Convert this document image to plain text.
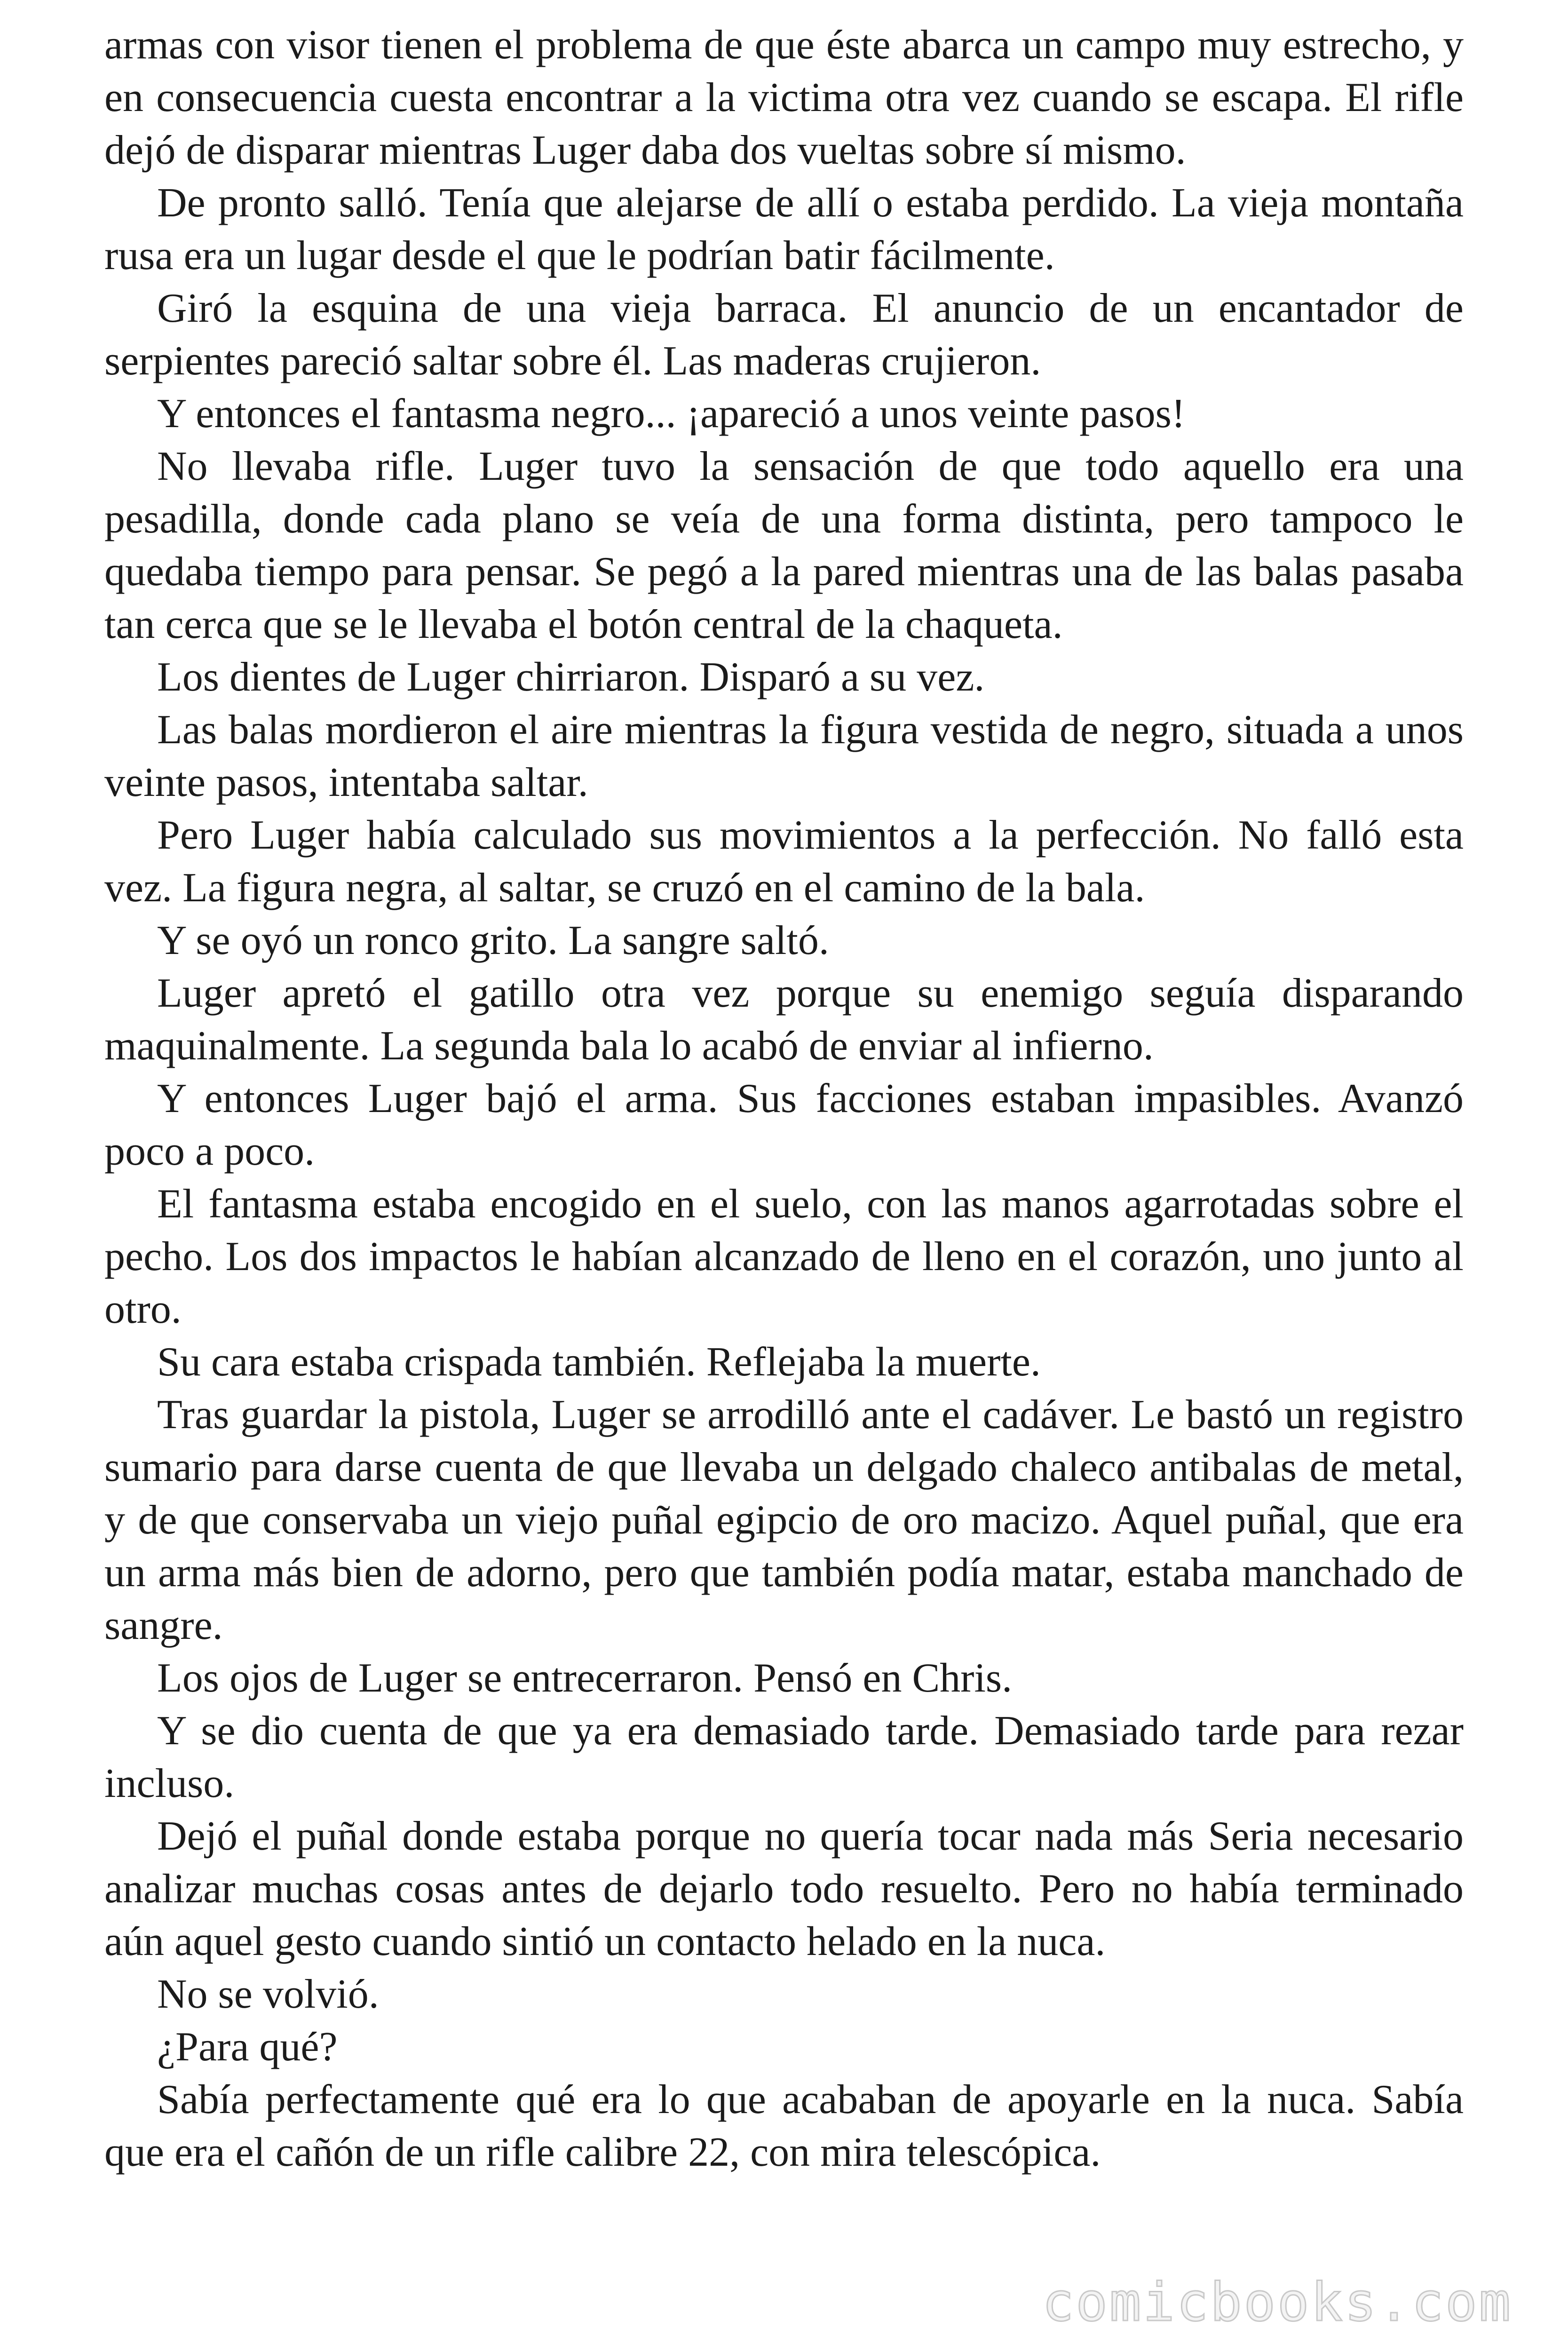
armas con visor tienen el problema de que éste abarca un campo muy estrecho, y en consecuencia cuesta encontrar a la victima otra vez cuando se escapa. El rifle dejó de disparar mientras Luger daba dos vueltas sobre sí mismo.

De pronto salló. Tenía que alejarse de allí o estaba perdido. La vieja montaña rusa era un lugar desde el que le podrían batir fácilmente.

Giró la esquina de una vieja barraca. El anuncio de un encantador de serpientes pareció saltar sobre él. Las maderas crujieron.

Y entonces el fantasma negro... ¡apareció a unos veinte pasos!

No llevaba rifle. Luger tuvo la sensación de que todo aquello era una pesadilla, donde cada plano se veía de una forma distinta, pero tampoco le quedaba tiempo para pensar. Se pegó a la pared mientras una de las balas pasaba tan cerca que se le llevaba el botón central de la chaqueta.

Los dientes de Luger chirriaron. Disparó a su vez.

Las balas mordieron el aire mientras la figura vestida de negro, situada a unos veinte pasos, intentaba saltar.

Pero Luger había calculado sus movimientos a la perfección. No falló esta vez. La figura negra, al saltar, se cruzó en el camino de la bala.

Y se oyó un ronco grito. La sangre saltó.

Luger apretó el gatillo otra vez porque su enemigo seguía disparando maquinalmente. La segunda bala lo acabó de enviar al infierno.

Y entonces Luger bajó el arma. Sus facciones estaban impasibles. Avanzó poco a poco.

El fantasma estaba encogido en el suelo, con las manos agarrotadas sobre el pecho. Los dos impactos le habían alcanzado de lleno en el corazón, uno junto al otro.

Su cara estaba crispada también. Reflejaba la muerte.

Tras guardar la pistola, Luger se arrodilló ante el cadáver. Le bastó un registro sumario para darse cuenta de que llevaba un delgado chaleco antibalas de metal, y de que conservaba un viejo puñal egipcio de oro macizo. Aquel puñal, que era un arma más bien de adorno, pero que también podía matar, estaba manchado de sangre.

Los ojos de Luger se entrecerraron. Pensó en Chris.

Y se dio cuenta de que ya era demasiado tarde. Demasiado tarde para rezar incluso.

Dejó el puñal donde estaba porque no quería tocar nada más Seria necesario analizar muchas cosas antes de dejarlo todo resuelto. Pero no había terminado aún aquel gesto cuando sintió un contacto helado en la nuca.

No se volvió.

¿Para qué?

Sabía perfectamente qué era lo que acababan de apoyarle en la nuca. Sabía que era el cañón de un rifle calibre 22, con mira telescópica.

comicbooks.com
